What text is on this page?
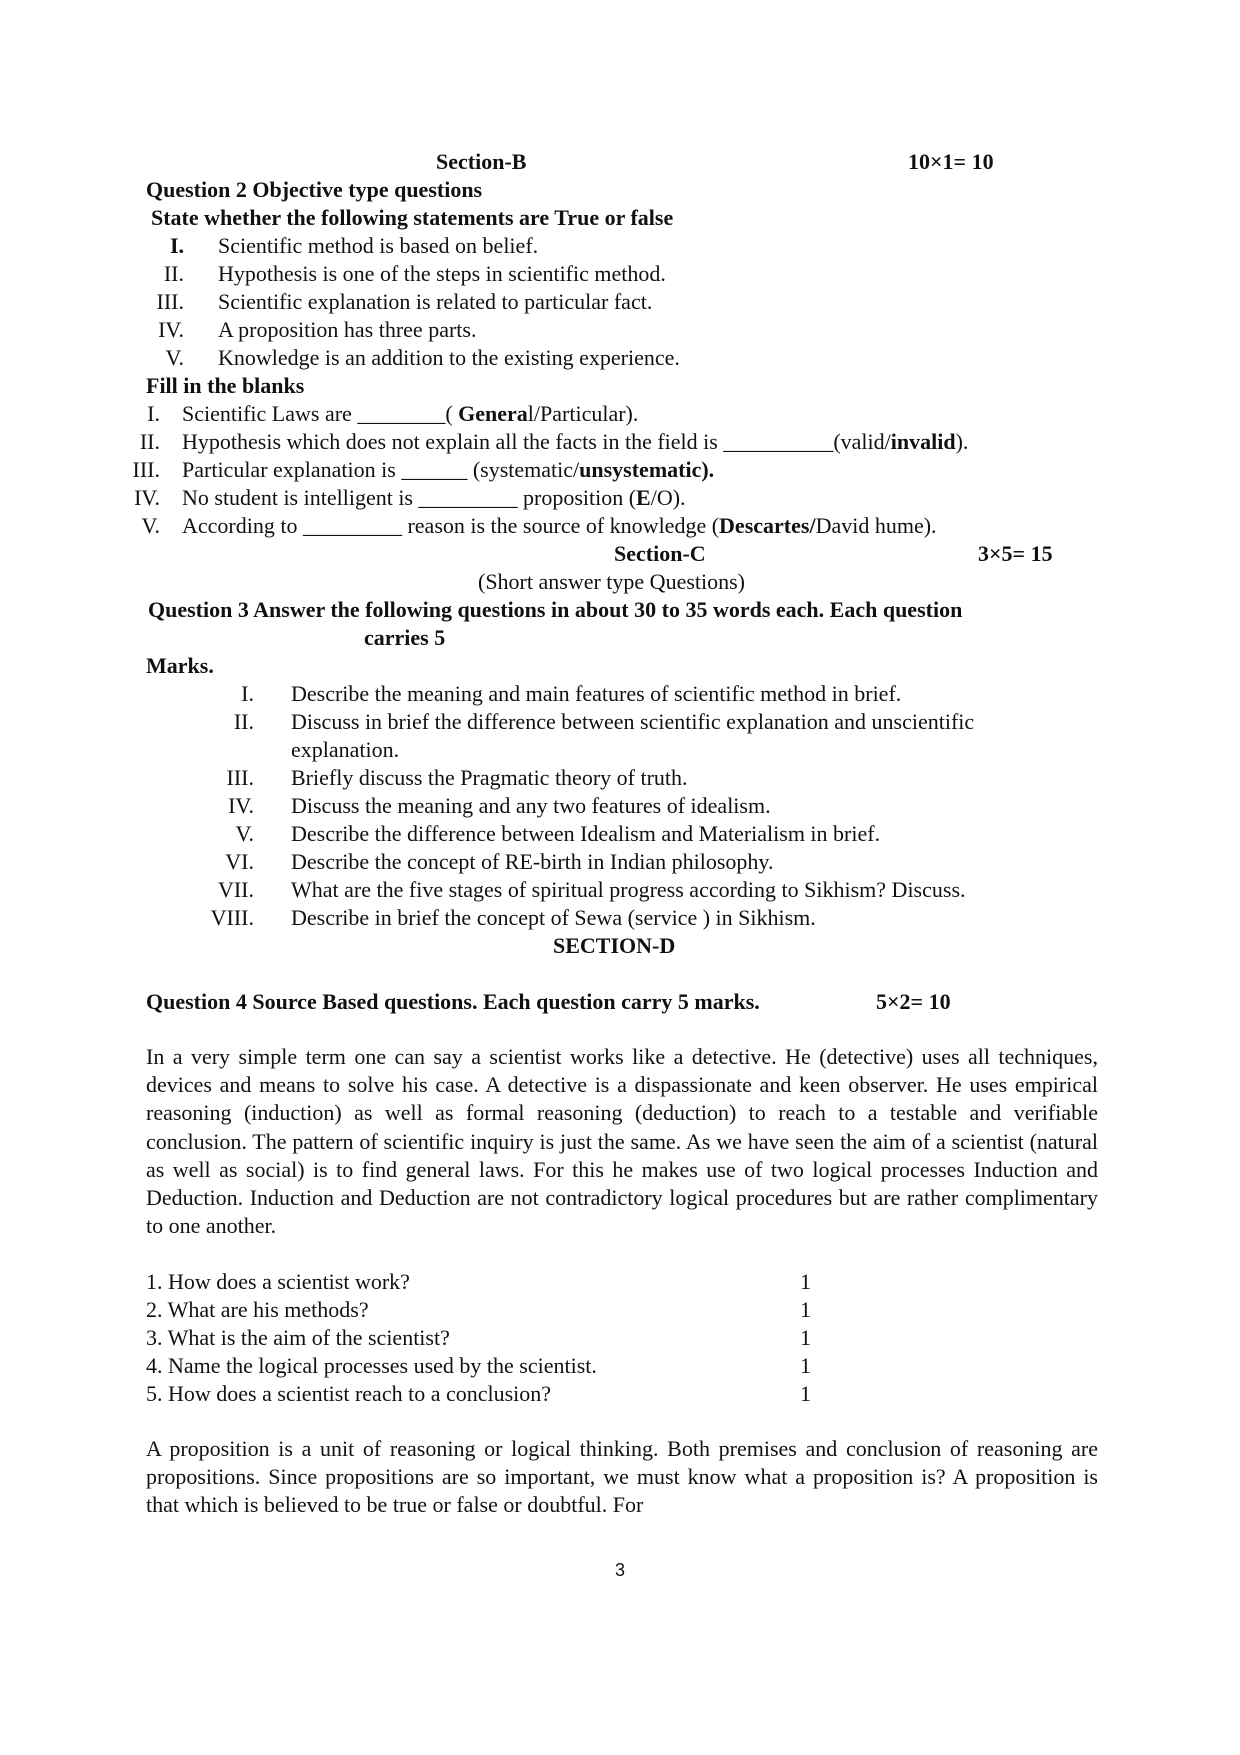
Section-B	10×1= 10
Question 2 Objective type questions
State whether the following statements are True or false
I. Scientific method is based on belief.
II. Hypothesis is one of the steps in scientific method.
III. Scientific explanation is related to particular fact.
IV. A proposition has three parts.
V. Knowledge is an addition to the existing experience.
Fill in the blanks
I. Scientific Laws are ________( General/Particular).
II. Hypothesis which does not explain all the facts in the field is __________(valid/invalid).
III. Particular explanation is ______ (systematic/unsystematic).
IV. No student is intelligent is _________ proposition (E/O).
V. According to _________ reason is the source of knowledge (Descartes/David hume).
Section-C	3×5= 15
(Short answer type Questions)
Question 3 Answer the following questions in about 30 to 35 words each. Each question
carries 5
Marks.
I. Describe the meaning and main features of scientific method in brief.
II. Discuss in brief the difference between scientific explanation and unscientific
explanation.
III. Briefly discuss the Pragmatic theory of truth.
IV. Discuss the meaning and any two features of idealism.
V. Describe the difference between Idealism and Materialism in brief.
VI. Describe the concept of RE-birth in Indian philosophy.
VII. What are the five stages of spiritual progress according to Sikhism? Discuss.
VIII. Describe in brief the concept of Sewa (service ) in Sikhism.
SECTION-D
Question 4 Source Based questions. Each question carry 5 marks.	5×2= 10
In a very simple term one can say a scientist works like a detective. He (detective) uses all techniques, devices and means to solve his case. A detective is a dispassionate and keen observer. He uses empirical reasoning (induction) as well as formal reasoning (deduction) to reach to a testable and verifiable conclusion. The pattern of scientific inquiry is just the same. As we have seen the aim of a scientist (natural as well as social) is to find general laws. For this he makes use of two logical processes Induction and Deduction. Induction and Deduction are not contradictory logical procedures but are rather complimentary to one another.
1. How does a scientist work?	1
2. What are his methods?	1
3. What is the aim of the scientist?	1
4. Name the logical processes used by the scientist.	1
5. How does a scientist reach to a conclusion?	1
A proposition is a unit of reasoning or logical thinking. Both premises and conclusion of reasoning are propositions. Since propositions are so important, we must know what a proposition is? A proposition is that which is believed to be true or false or doubtful. For
3
